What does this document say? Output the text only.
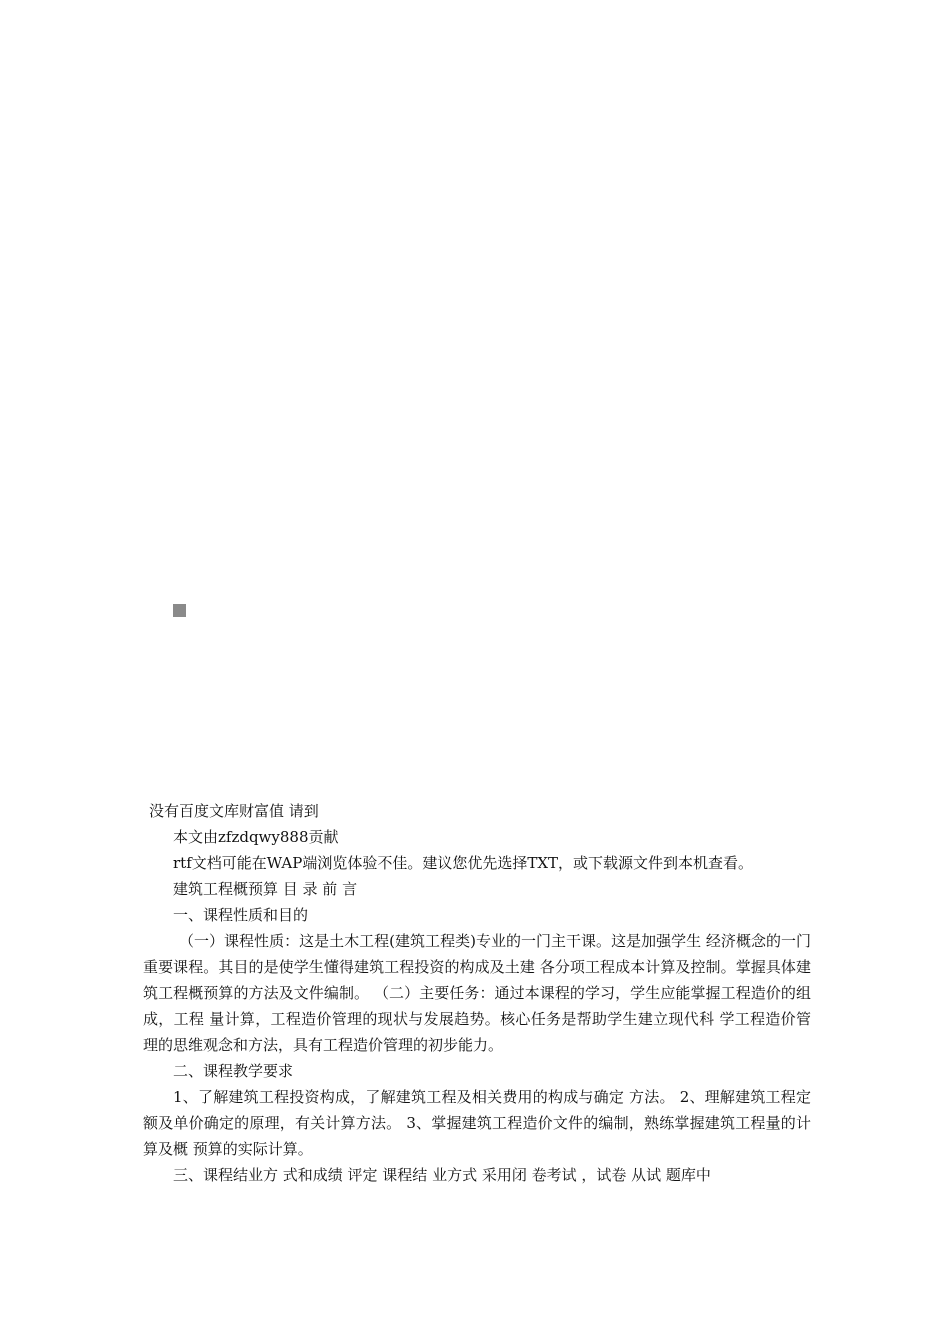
没有百度文库财富值 请到

本文由zfzdqwy888贡献

rtf文档可能在WAP端浏览体验不佳。建议您优先选择TXT，或下载源文件到本机查看。

建筑工程概预算 目 录 前 言

一、课程性质和目的

（一）课程性质：这是土木工程(建筑工程类)专业的一门主干课。这是加强学生 经济概念的一门重要课程。其目的是使学生懂得建筑工程投资的构成及土建 各分项工程成本计算及控制。掌握具体建筑工程概预算的方法及文件编制。 （二）主要任务：通过本课程的学习，学生应能掌握工程造价的组成，工程 量计算，工程造价管理的现状与发展趋势。核心任务是帮助学生建立现代科 学工程造价管理的思维观念和方法，具有工程造价管理的初步能力。

二、课程教学要求

1、了解建筑工程投资构成，了解建筑工程及相关费用的构成与确定 方法。 2、理解建筑工程定额及单价确定的原理，有关计算方法。 3、掌握建筑工程造价文件的编制，熟练掌握建筑工程量的计算及概 预算的实际计算。

三、课程结业方 式和成绩 评定 课程结 业方式 采用闭 卷考试 ，试卷 从试 题库中
